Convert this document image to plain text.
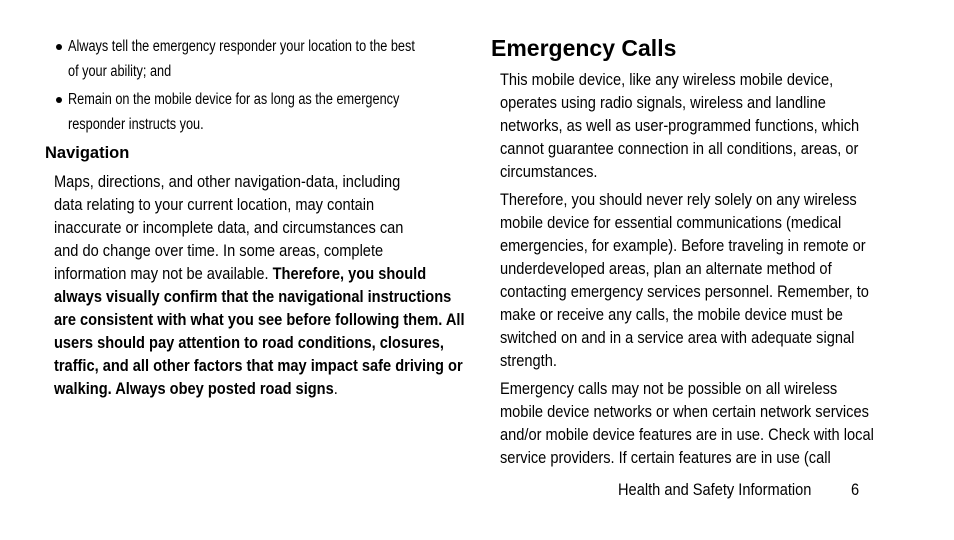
Always tell the emergency responder your location to the best
of your ability; and
Remain on the mobile device for as long as the emergency
responder instructs you.
Navigation
Maps, directions, and other navigation-data, including
data relating to your current location, may contain
inaccurate or incomplete data, and circumstances can
and do change over time. In some areas, complete
information may not be available. Therefore, you should
always visually confirm that the navigational instructions
are consistent with what you see before following them. All
users should pay attention to road conditions, closures,
traffic, and all other factors that may impact safe driving or
walking. Always obey posted road signs.
Emergency Calls
This mobile device, like any wireless mobile device,
operates using radio signals, wireless and landline
networks, as well as user-programmed functions, which
cannot guarantee connection in all conditions, areas, or
circumstances.
Therefore, you should never rely solely on any wireless
mobile device for essential communications (medical
emergencies, for example). Before traveling in remote or
underdeveloped areas, plan an alternate method of
contacting emergency services personnel. Remember, to
make or receive any calls, the mobile device must be
switched on and in a service area with adequate signal
strength.
Emergency calls may not be possible on all wireless
mobile device networks or when certain network services
and/or mobile device features are in use. Check with local
service providers. If certain features are in use (call
Health and Safety Information	6
